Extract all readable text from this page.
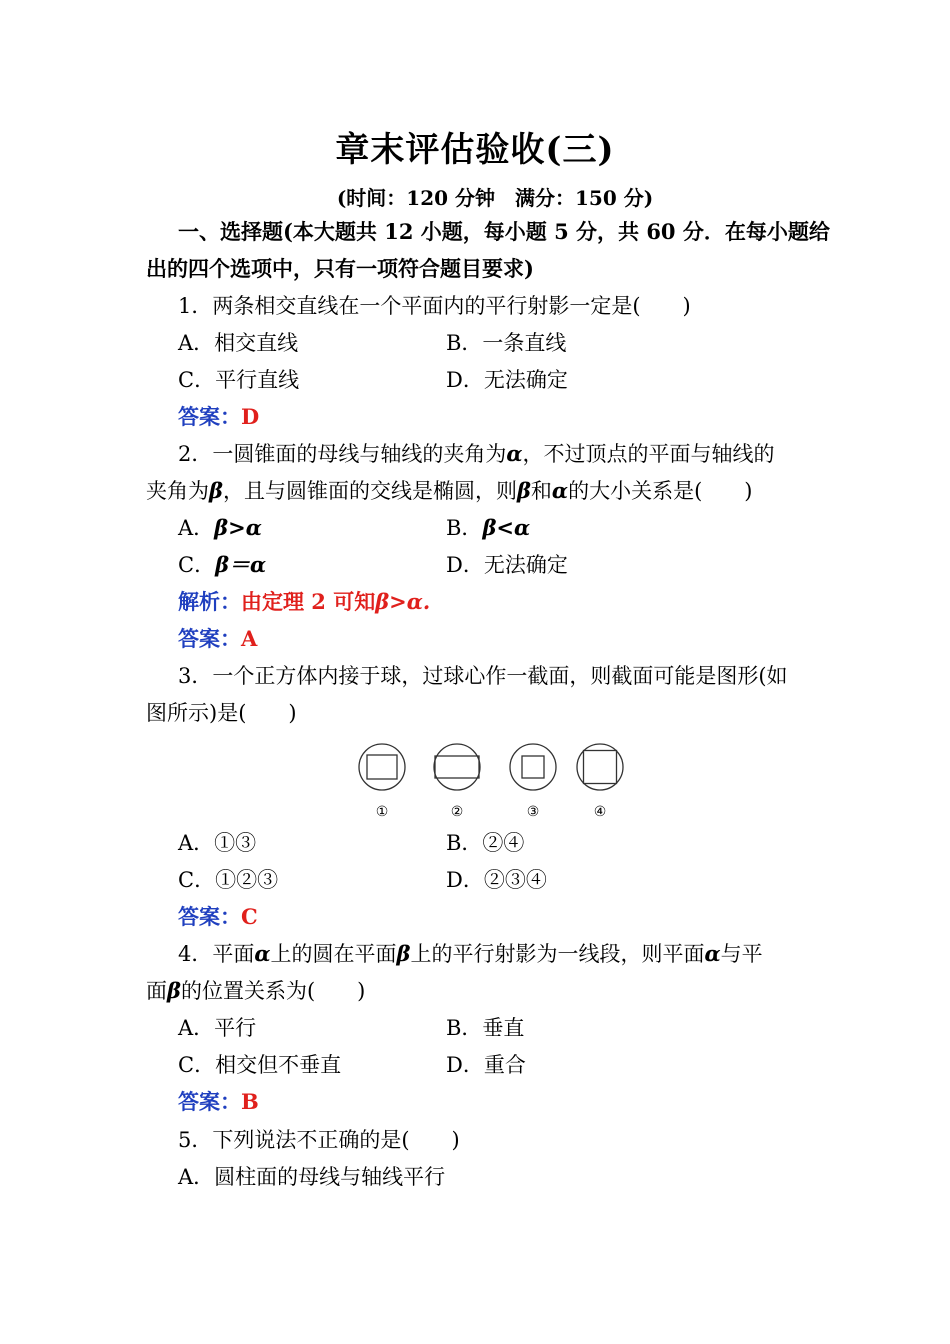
章末评估验收(三)
(时间：120 分钟　满分：150 分)
一、选择题(本大题共 12 小题，每小题 5 分，共 60 分．在每小题给
出的四个选项中，只有一项符合题目要求)
1．两条相交直线在一个平面内的平行射影一定是(　　)
A．相交直线	B．一条直线
C．平行直线	D．无法确定
答案：D
2．一圆锥面的母线与轴线的夹角为α，不过顶点的平面与轴线的
夹角为β，且与圆锥面的交线是椭圆，则β和α的大小关系是(　　)
A．β>α	B．β<α
C．β＝α	D．无法确定
解析：由定理 2 可知β>α.
答案：A
3．一个正方体内接于球，过球心作一截面，则截面可能是图形(如
图所示)是(　　)
①	②	③	④
A．①③	B．②④
C．①②③	D．②③④
答案：C
4．平面α上的圆在平面β上的平行射影为一线段，则平面α与平
面β的位置关系为(　　)
A．平行	B．垂直
C．相交但不垂直	D．重合
答案：B
5．下列说法不正确的是(　　)
A．圆柱面的母线与轴线平行
